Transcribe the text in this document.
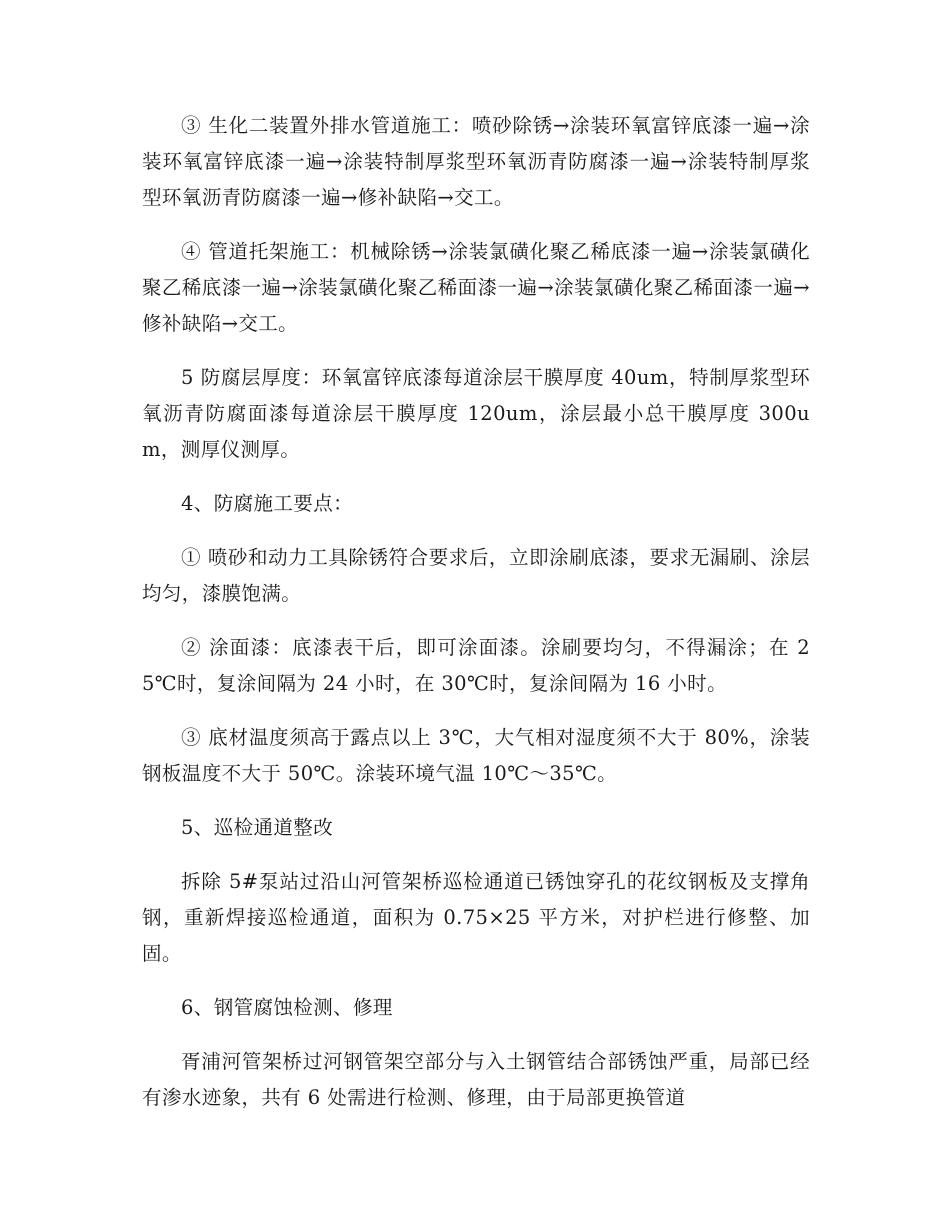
③ 生化二装置外排水管道施工：喷砂除锈→涂装环氧富锌底漆一遍→涂装环氧富锌底漆一遍→涂装特制厚浆型环氧沥青防腐漆一遍→涂装特制厚浆型环氧沥青防腐漆一遍→修补缺陷→交工。

④ 管道托架施工：机械除锈→涂装氯磺化聚乙稀底漆一遍→涂装氯磺化聚乙稀底漆一遍→涂装氯磺化聚乙稀面漆一遍→涂装氯磺化聚乙稀面漆一遍→修补缺陷→交工。

5 防腐层厚度：环氧富锌底漆每道涂层干膜厚度 40um，特制厚浆型环氧沥青防腐面漆每道涂层干膜厚度 120um，涂层最小总干膜厚度 300um，测厚仪测厚。

4、防腐施工要点：

① 喷砂和动力工具除锈符合要求后，立即涂刷底漆，要求无漏刷、涂层均匀，漆膜饱满。

② 涂面漆：底漆表干后，即可涂面漆。涂刷要均匀，不得漏涂；在 25℃时，复涂间隔为 24 小时，在 30℃时，复涂间隔为 16 小时。

③ 底材温度须高于露点以上 3℃，大气相对湿度须不大于 80%，涂装钢板温度不大于 50℃。涂装环境气温 10℃～35℃。

5、巡检通道整改

拆除 5#泵站过沿山河管架桥巡检通道已锈蚀穿孔的花纹钢板及支撑角钢，重新焊接巡检通道，面积为 0.75×25 平方米，对护栏进行修整、加固。

6、钢管腐蚀检测、修理

胥浦河管架桥过河钢管架空部分与入土钢管结合部锈蚀严重，局部已经有渗水迹象，共有 6 处需进行检测、修理，由于局部更换管道
